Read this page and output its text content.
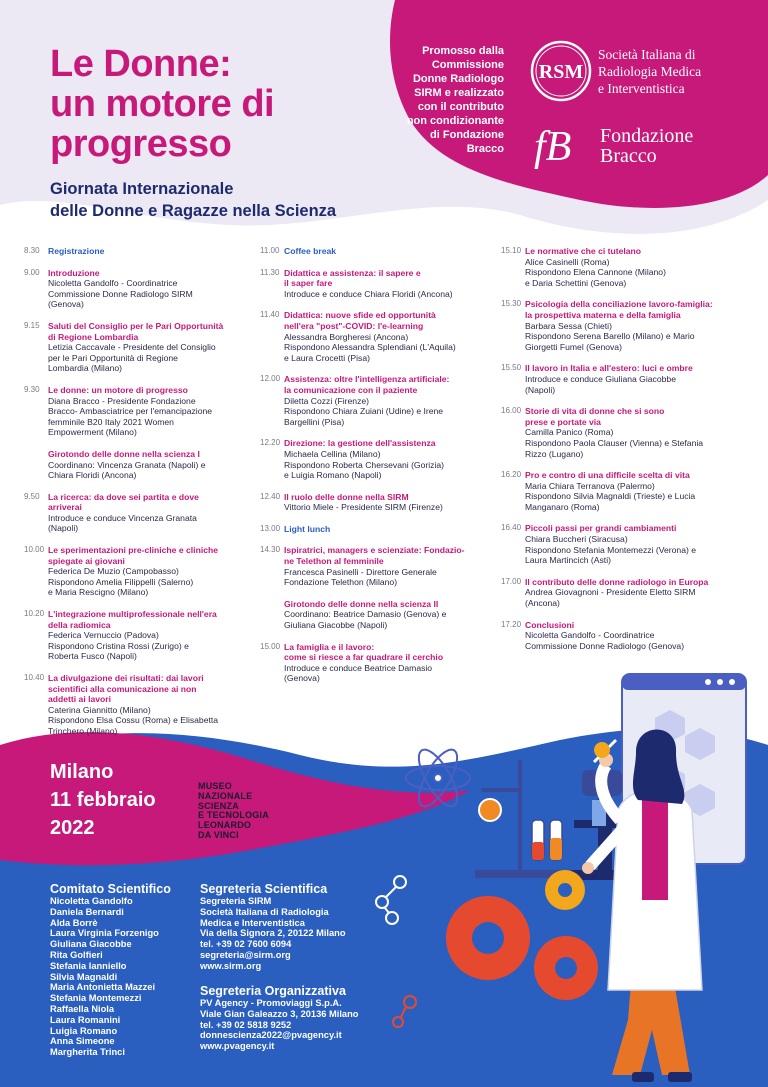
Le Donne:
un motore di
progresso
Giornata Internazionale
delle Donne e Ragazze nella Scienza
Promosso dalla
Commissione
Donne Radiologo
SIRM e realizzato
con il contributo
non condizionante
di Fondazione
Bracco
RSM
Società Italiana di
Radiologia Medica
e Interventistica
fB Fondazione
Bracco
8.30 Registrazione
9.00 Introduzione
Nicoletta Gandolfo - Coordinatrice
Commissione Donne Radiologo SIRM
(Genova)
9.15 Saluti del Consiglio per le Pari Opportunità
di Regione Lombardia
Letizia Caccavale - Presidente del Consiglio
per le Pari Opportunità di Regione
Lombardia (Milano)
9.30 Le donne: un motore di progresso
Diana Bracco - Presidente Fondazione
Bracco- Ambasciatrice per l'emancipazione
femminile B20 Italy 2021 Women
Empowerment (Milano)
Girotondo delle donne nella scienza I
Coordinano: Vincenza Granata (Napoli) e
Chiara Floridi (Ancona)
9.50 La ricerca: da dove sei partita e dove
arriverai
Introduce e conduce Vincenza Granata
(Napoli)
10.00 Le sperimentazioni pre-cliniche e cliniche
spiegate ai giovani
Federica De Muzio (Campobasso)
Rispondono Amelia Filippelli (Salerno)
e Maria Rescigno (Milano)
10.20 L'integrazione multiprofessionale nell'era
della radiomica
Federica Vernuccio (Padova)
Rispondono Cristina Rossi (Zurigo) e
Roberta Fusco (Napoli)
10.40 La divulgazione dei risultati: dai lavori
scientifici alla comunicazione ai non
addetti ai lavori
Caterina Giannitto (Milano)
Rispondono Elsa Cossu (Roma) e Elisabetta
Trinchero (Milano)
11.00 Coffee break
11.30 Didattica e assistenza: il sapere e
il saper fare
Introduce e conduce Chiara Floridi (Ancona)
11.40 Didattica: nuove sfide ed opportunità
nell'era "post"-COVID: l'e-learning
Alessandra Borgheresi (Ancona)
Rispondono Alessandra Splendiani (L'Aquila)
e Laura Crocetti (Pisa)
12.00 Assistenza: oltre l'intelligenza artificiale:
la comunicazione con il paziente
Diletta Cozzi (Firenze)
Rispondono Chiara Zuiani (Udine) e Irene
Bargellini (Pisa)
12.20 Direzione: la gestione dell'assistenza
Michaela Cellina (Milano)
Rispondono Roberta Chersevani (Gorizia)
e Luigia Romano (Napoli)
12.40 Il ruolo delle donne nella SIRM
Vittorio Miele - Presidente SIRM (Firenze)
13.00 Light lunch
14.30 Ispiratrici, managers e scienziate: Fondazio-
ne Telethon al femminile
Francesca Pasinelli - Direttore Generale
Fondazione Telethon (Milano)
Girotondo delle donne nella scienza II
Coordinano: Beatrice Damasio (Genova) e
Giuliana Giacobbe (Napoli)
15.00 La famiglia e il lavoro:
come si riesce a far quadrare il cerchio
Introduce e conduce Beatrice Damasio
(Genova)
15.10 Le normative che ci tutelano
Alice Casinelli (Roma)
Rispondono Elena Cannone (Milano)
e Daria Schettini (Genova)
15.30 Psicologia della conciliazione lavoro-famiglia:
la prospettiva materna e della famiglia
Barbara Sessa (Chieti)
Rispondono Serena Barello (Milano) e Mario
Giorgetti Fumel (Genova)
15.50 Il lavoro in Italia e all'estero: luci e ombre
Introduce e conduce Giuliana Giacobbe
(Napoli)
16.00 Storie di vita di donne che si sono
prese e portate via
Camilla Panico (Roma)
Rispondono Paola Clauser (Vienna) e Stefania
Rizzo (Lugano)
16.20 Pro e contro di una difficile scelta di vita
Maria Chiara Terranova (Palermo)
Rispondono Silvia Magnaldi (Trieste) e Lucia
Manganaro (Roma)
16.40 Piccoli passi per grandi cambiamenti
Chiara Buccheri (Siracusa)
Rispondono Stefania Montemezzi (Verona) e
Laura Martincich (Asti)
17.00 Il contributo delle donne radiologo in Europa
Andrea Giovagnoni - Presidente Eletto SIRM
(Ancona)
17.20 Conclusioni
Nicoletta Gandolfo - Coordinatrice
Commissione Donne Radiologo (Genova)
Milano
11 febbraio
2022
MUSEO
NAZIONALE
SCIENZA
E TECNOLOGIA
LEONARDO
DA VINCI
Comitato Scientifico
Nicoletta Gandolfo
Daniela Bernardi
Alda Borrè
Laura Virginia Forzenigo
Giuliana Giacobbe
Rita Golfieri
Stefania Ianniello
Silvia Magnaldi
Maria Antonietta Mazzei
Stefania Montemezzi
Raffaella Niola
Laura Romanini
Luigia Romano
Anna Simeone
Margherita Trinci
Segreteria Scientifica
Segreteria SIRM
Società Italiana di Radiologia
Medica e Interventistica
Via della Signora 2, 20122 Milano
tel. +39 02 7600 6094
segreteria@sirm.org
www.sirm.org
Segreteria Organizzativa
PV Agency - Promoviaggi S.p.A.
Viale Gian Galeazzo 3, 20136 Milano
tel. +39 02 5818 9252
donnescienza2022@pvagency.it
www.pvagency.it
